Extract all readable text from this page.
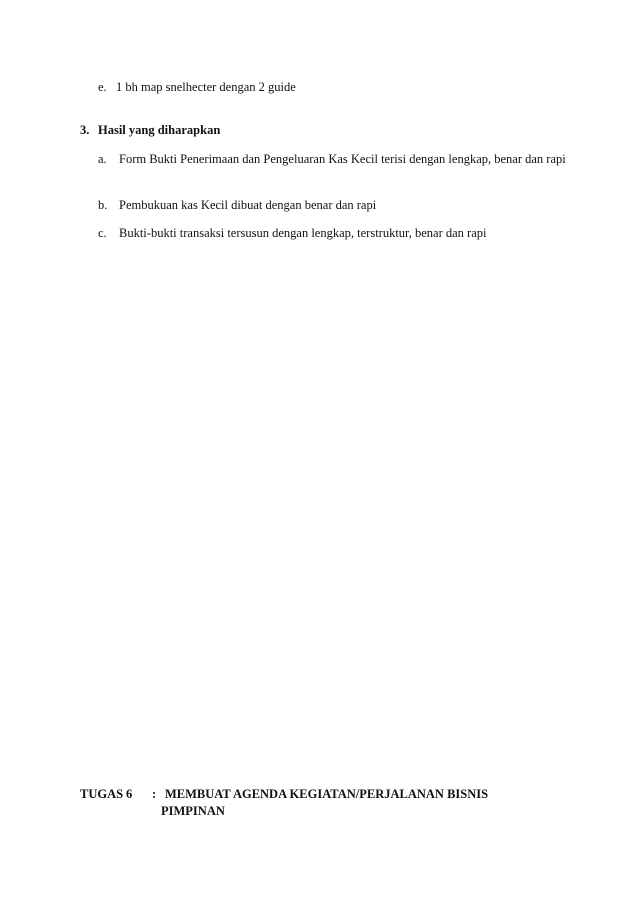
e. 1 bh map snelhecter dengan 2 guide
3. Hasil yang diharapkan
a. Form Bukti Penerimaan dan Pengeluaran Kas Kecil terisi dengan lengkap, benar dan rapi
b. Pembukuan kas Kecil dibuat dengan benar dan rapi
c. Bukti-bukti transaksi tersusun dengan lengkap, terstruktur, benar dan rapi
TUGAS 6 : MEMBUAT AGENDA KEGIATAN/PERJALANAN BISNIS
PIMPINAN
